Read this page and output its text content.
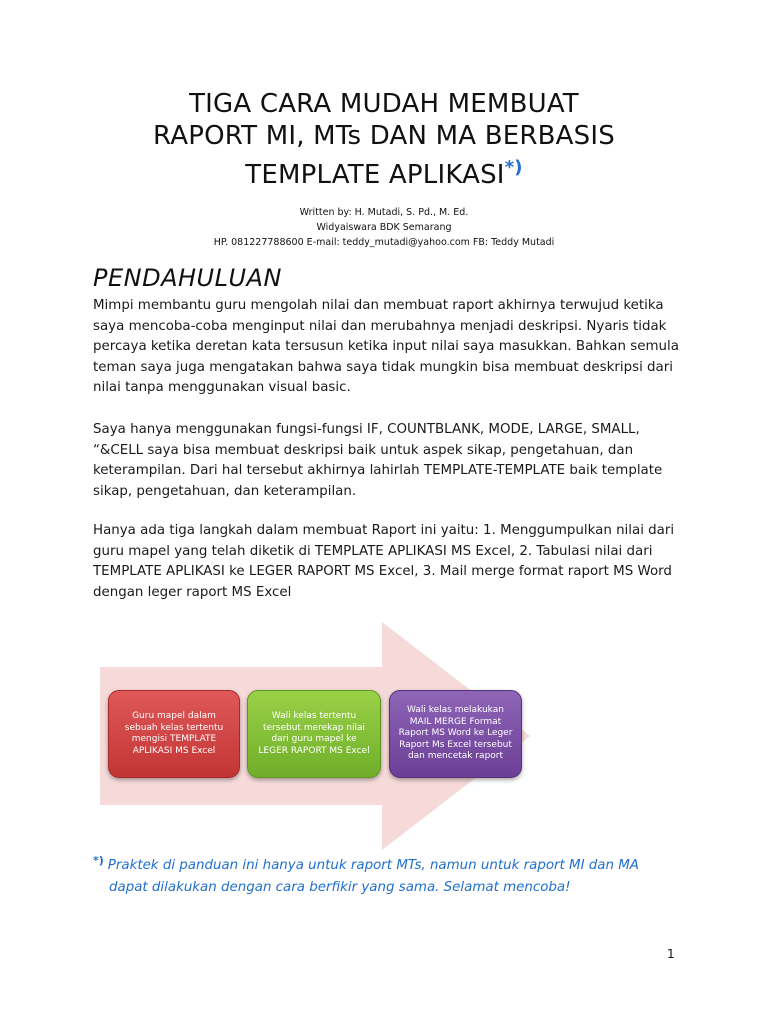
TIGA CARA MUDAH MEMBUAT
RAPORT MI, MTs DAN MA BERBASIS
TEMPLATE APLIKASI*)
Written by: H. Mutadi, S. Pd., M. Ed.
Widyaiswara BDK Semarang
HP. 081227788600 E-mail: teddy_mutadi@yahoo.com FB: Teddy Mutadi
PENDAHULUAN

Mimpi membantu guru mengolah nilai dan membuat raport akhirnya terwujud ketika saya mencoba-coba menginput nilai dan merubahnya menjadi deskripsi. Nyaris tidak percaya ketika deretan kata tersusun ketika input nilai saya masukkan. Bahkan semula teman saya juga mengatakan bahwa saya tidak mungkin bisa membuat deskripsi dari nilai tanpa menggunakan visual basic.

Saya hanya menggunakan fungsi-fungsi IF, COUNTBLANK, MODE, LARGE, SMALL, “&CELL saya bisa membuat deskripsi baik untuk aspek sikap, pengetahuan, dan keterampilan. Dari hal tersebut akhirnya lahirlah TEMPLATE-TEMPLATE baik template sikap, pengetahuan, dan keterampilan.

Hanya ada tiga langkah dalam membuat Raport ini yaitu: 1. Menggumpulkan nilai dari guru mapel yang telah diketik di TEMPLATE APLIKASI MS Excel, 2. Tabulasi nilai dari TEMPLATE APLIKASI ke LEGER RAPORT MS Excel, 3. Mail merge format raport MS Word dengan leger raport MS Excel

Guru mapel dalam sebuah kelas tertentu mengisi TEMPLATE APLIKASI MS Excel
Wali kelas tertentu tersebut merekap nilai dari guru mapel ke LEGER RAPORT MS Excel
Wali kelas melakukan MAIL MERGE Format Raport MS Word ke Leger Raport Ms Excel tersebut dan mencetak raport
*) Praktek di panduan ini hanya untuk raport MTs, namun untuk raport MI dan MA
dapat dilakukan dengan cara berfikir yang sama. Selamat mencoba!
1
